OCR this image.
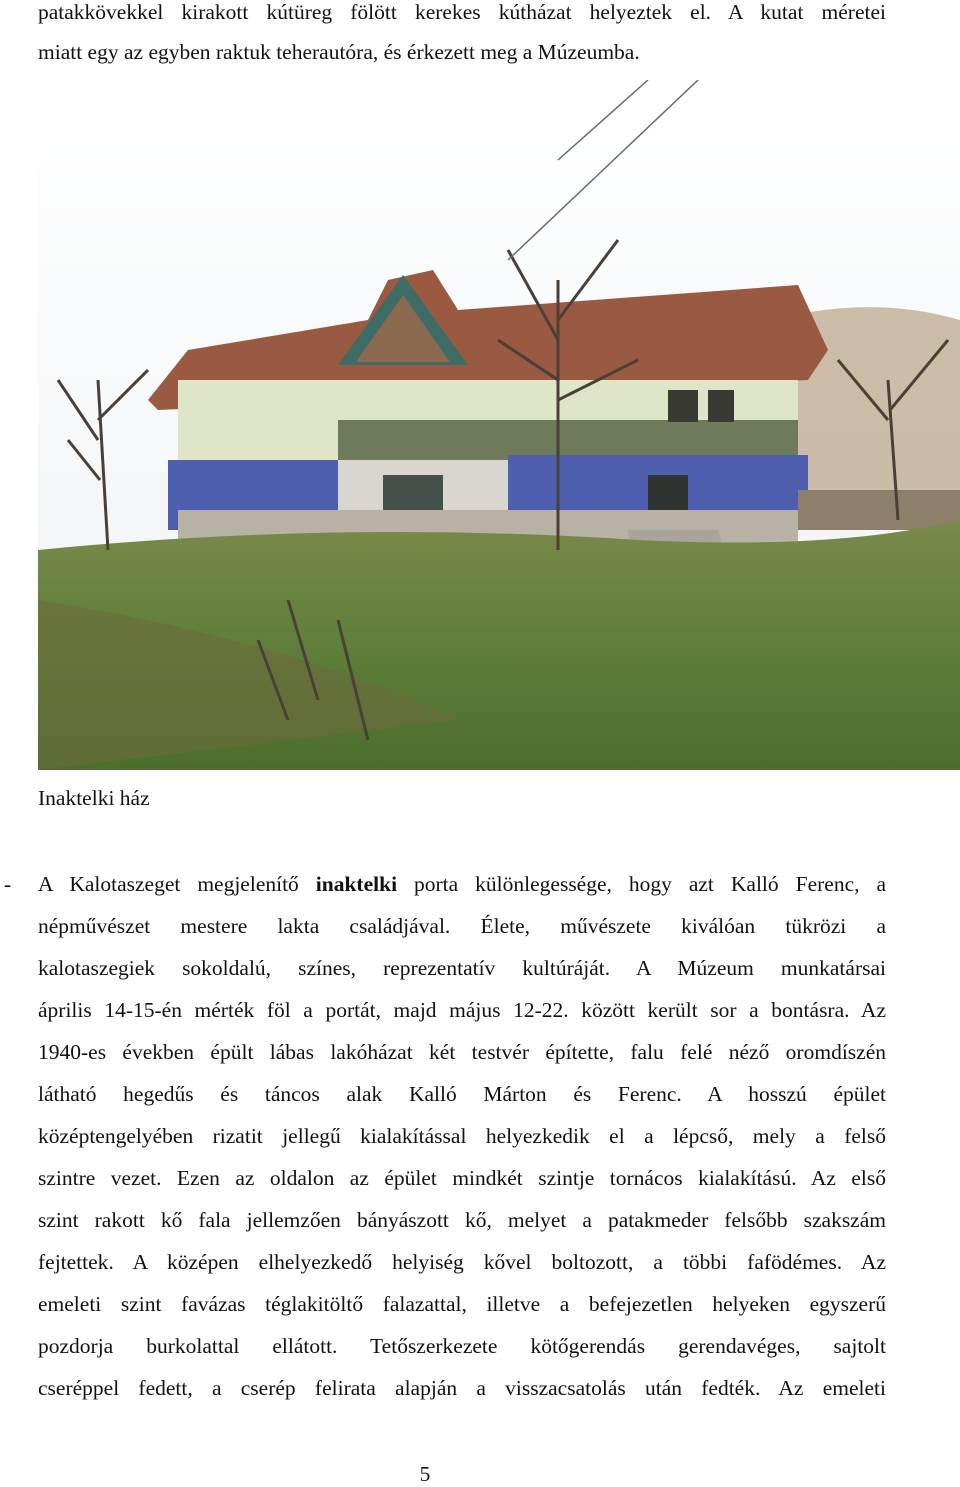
patakkövekkel kirakott kútüreg fölött kerekes kútházat helyeztek el. A kutat méretei
miatt egy az egyben raktuk teherautóra, és érkezett meg a Múzeumba.
Inaktelki ház
- A Kalotaszeget megjelenítő inaktelki porta különlegessége, hogy azt Kalló Ferenc, a
népművészet mestere lakta családjával. Élete, művészete kiválóan tükrözi a
kalotaszegiek sokoldalú, színes, reprezentatív kultúráját. A Múzeum munkatársai
április 14-15-én mérték föl a portát, majd május 12-22. között került sor a bontásra. Az
1940-es években épült lábas lakóházat két testvér építette, falu felé néző oromdíszén
látható hegedűs és táncos alak Kalló Márton és Ferenc. A hosszú épület
középtengelyében rizatit jellegű kialakítással helyezkedik el a lépcső, mely a felső
szintre vezet. Ezen az oldalon az épület mindkét szintje tornácos kialakítású. Az első
szint rakott kő fala jellemzően bányászott kő, melyet a patakmeder felsőbb szakszám
fejtettek. A középen elhelyezkedő helyiség kővel boltozott, a többi fafödémes. Az
emeleti szint favázas téglakitöltő falazattal, illetve a befejezetlen helyeken egyszerű
pozdorja burkolattal ellátott. Tetőszerkezete kötőgerendás gerendavéges, sajtolt
cseréppel fedett, a cserép felirata alapján a visszacsatolás után fedték. Az emeleti
5
